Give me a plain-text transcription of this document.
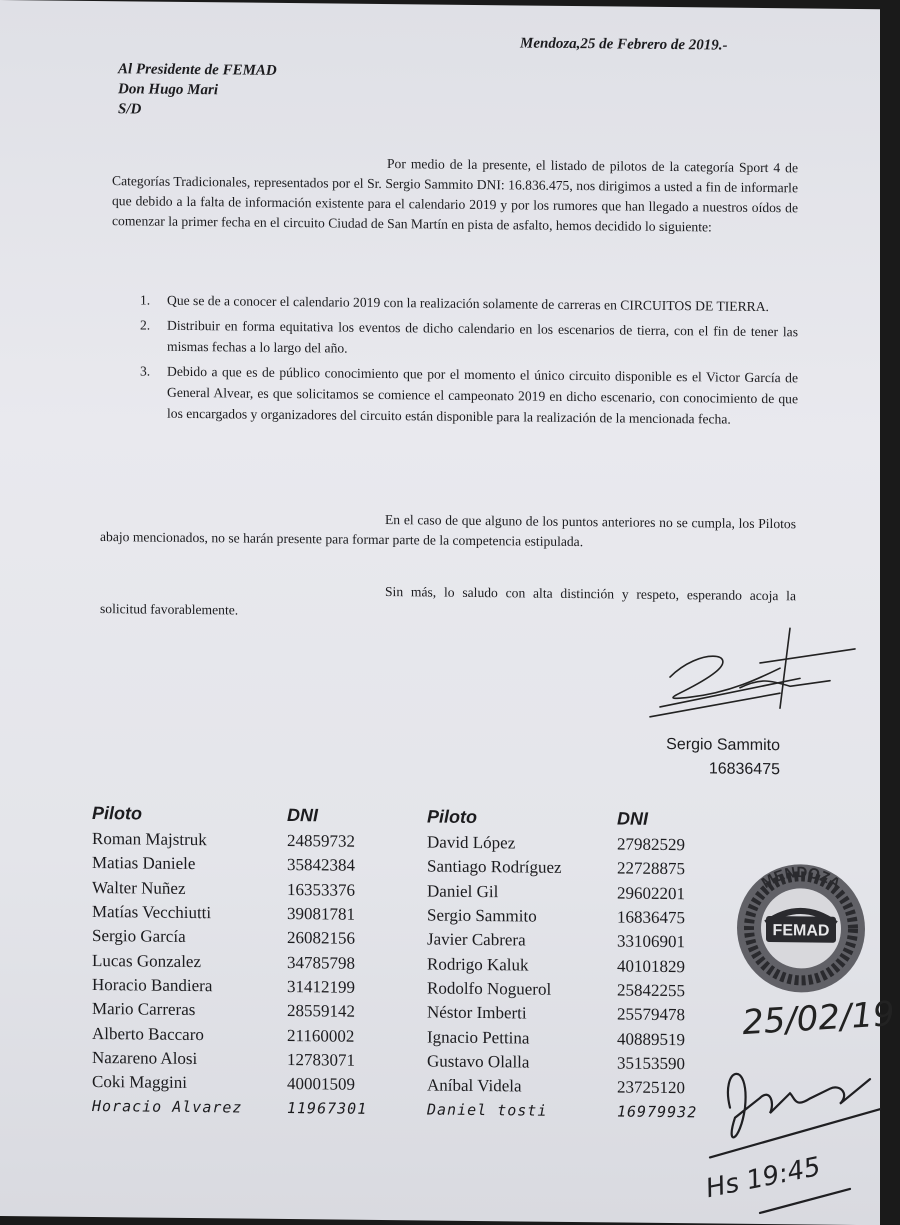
Mendoza,25 de Febrero de 2019.-
Al Presidente de FEMAD
Don Hugo Mari
S/D
Por medio de la presente, el listado de pilotos de la categoría Sport 4 de Categorías Tradicionales, representados por el Sr. Sergio Sammito DNI: 16.836.475, nos dirigimos a usted a fin de informarle que debido a la falta de información existente para el calendario 2019 y por los rumores que han llegado a nuestros oídos de comenzar la primer fecha en el circuito Ciudad de San Martín en pista de asfalto, hemos decidido lo siguiente:
1. Que se de a conocer el calendario 2019 con la realización solamente de carreras en CIRCUITOS DE TIERRA.
2. Distribuir en forma equitativa los eventos de dicho calendario en los escenarios de tierra, con el fin de tener las mismas fechas a lo largo del año.
3. Debido a que es de público conocimiento que por el momento el único circuito disponible es el Victor García de General Alvear, es que solicitamos se comience el campeonato 2019 en dicho escenario, con conocimiento de que los encargados y organizadores del circuito están disponible para la realización de la mencionada fecha.
En el caso de que alguno de los puntos anteriores no se cumpla, los Pilotos abajo mencionados, no se harán presente para formar parte de la competencia estipulada.
Sin más, lo saludo con alta distinción y respeto, esperando acoja la solicitud favorablemente.
Sergio Sammito
16836475
Piloto	DNI	Piloto	DNI
Roman Majstruk	24859732	David López	27982529
Matias Daniele	35842384	Santiago Rodríguez	22728875
Walter Nuñez	16353376	Daniel Gil	29602201
Matías Vecchiutti	39081781	Sergio Sammito	16836475
Sergio García	26082156	Javier Cabrera	33106901
Lucas Gonzalez	34785798	Rodrigo Kaluk	40101829
Horacio Bandiera	31412199	Rodolfo Noguerol	25842255
Mario Carreras	28559142	Néstor Imberti	25579478
Alberto Baccaro	21160002	Ignacio Pettina	40889519
Nazareno Alosi	12783071	Gustavo Olalla	35153590
Coki Maggini	40001509	Aníbal Videla	23725120
Horacio Alvarez	11967301	Daniel tosti	16979932
FEMAD
MENDOZA
25/02/19
Hs 19:45
